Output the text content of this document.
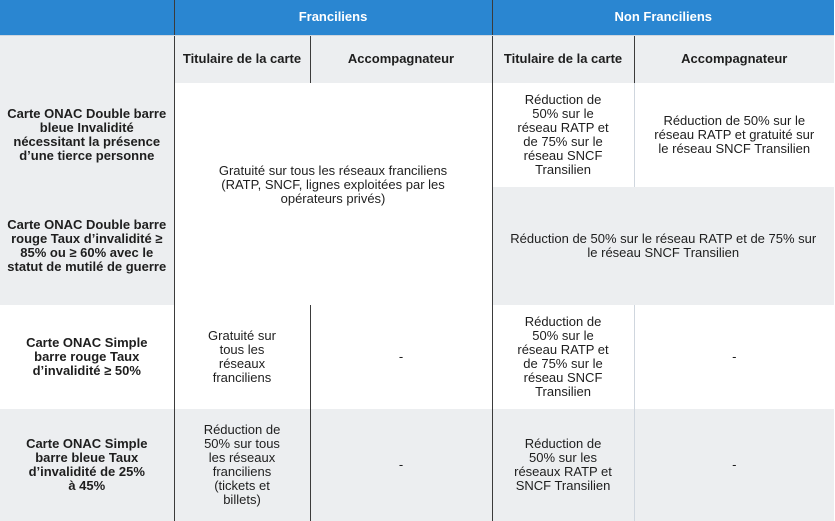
	Franciliens		Non Franciliens	
	Titulaire de la carte	Accompagnateur	Titulaire de la carte	Accompagnateur
Carte ONAC Double barre bleue Invalidité nécessitant la présence d’une tierce personne	Gratuité sur tous les réseaux franciliens (RATP, SNCF, lignes exploitées par les opérateurs privés)		Réduction de 50% sur le réseau RATP et de 75% sur le réseau SNCF Transilien	Réduction de 50% sur le réseau RATP et gratuité sur le réseau SNCF Transilien
Carte ONAC Double barre rouge Taux d’invalidité ≥ 85% ou ≥ 60% avec le statut de mutilé de guerre			Réduction de 50% sur le réseau RATP et de 75% sur le réseau SNCF Transilien	
Carte ONAC Simple barre rouge Taux d’invalidité ≥ 50%	Gratuité sur tous les réseaux franciliens	-	Réduction de 50% sur le réseau RATP et de 75% sur le réseau SNCF Transilien	-
Carte ONAC Simple barre bleue Taux d’invalidité de 25% à 45%	Réduction de 50% sur tous les réseaux franciliens (tickets et billets)	-	Réduction de 50% sur les réseaux RATP et SNCF Transilien	-
